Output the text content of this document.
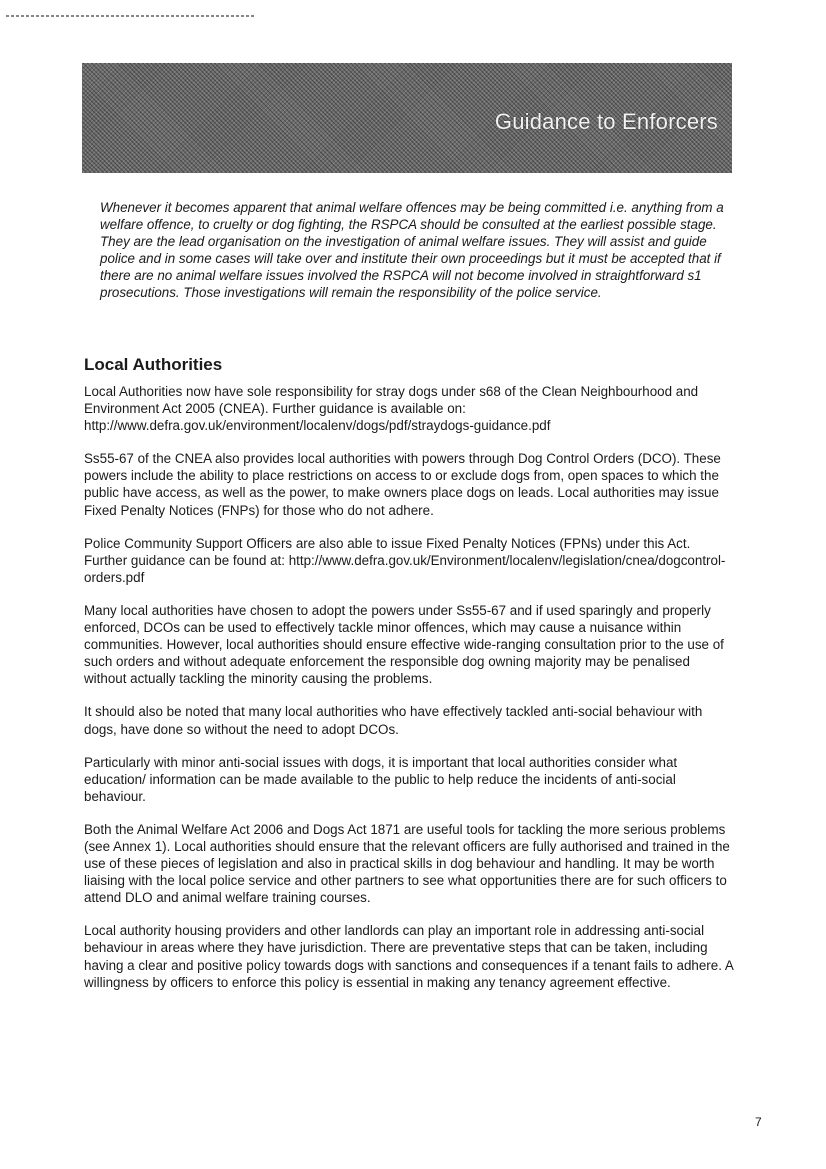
Guidance to Enforcers

Whenever it becomes apparent that animal welfare offences may be being committed i.e. anything from a welfare offence, to cruelty or dog fighting, the RSPCA should be consulted at the earliest possible stage. They are the lead organisation on the investigation of animal welfare issues. They will assist and guide police and in some cases will take over and institute their own proceedings but it must be accepted that if there are no animal welfare issues involved the RSPCA will not become involved in straightforward s1 prosecutions. Those investigations will remain the responsibility of the police service.

Local Authorities

Local Authorities now have sole responsibility for stray dogs under s68 of the Clean Neighbourhood and Environment Act 2005 (CNEA). Further guidance is available on: http://www.defra.gov.uk/environment/localenv/dogs/pdf/straydogs-guidance.pdf

Ss55-67 of the CNEA also provides local authorities with powers through Dog Control Orders (DCO). These powers include the ability to place restrictions on access to or exclude dogs from, open spaces to which the public have access, as well as the power, to make owners place dogs on leads. Local authorities may issue Fixed Penalty Notices (FNPs) for those who do not adhere.

Police Community Support Officers are also able to issue Fixed Penalty Notices (FPNs) under this Act. Further guidance can be found at: http://www.defra.gov.uk/Environment/localenv/legislation/cnea/dogcontrol-orders.pdf

Many local authorities have chosen to adopt the powers under Ss55-67 and if used sparingly and properly enforced, DCOs can be used to effectively tackle minor offences, which may cause a nuisance within communities. However, local authorities should ensure effective wide-ranging consultation prior to the use of such orders and without adequate enforcement the responsible dog owning majority may be penalised without actually tackling the minority causing the problems.

It should also be noted that many local authorities who have effectively tackled anti-social behaviour with dogs, have done so without the need to adopt DCOs.

Particularly with minor anti-social issues with dogs, it is important that local authorities consider what education/ information can be made available to the public to help reduce the incidents of anti-social behaviour.

Both the Animal Welfare Act 2006 and Dogs Act 1871 are useful tools for tackling the more serious problems (see Annex 1). Local authorities should ensure that the relevant officers are fully authorised and trained in the use of these pieces of legislation and also in practical skills in dog behaviour and handling. It may be worth liaising with the local police service and other partners to see what opportunities there are for such officers to attend DLO and animal welfare training courses.

Local authority housing providers and other landlords can play an important role in addressing anti-social behaviour in areas where they have jurisdiction. There are preventative steps that can be taken, including having a clear and positive policy towards dogs with sanctions and consequences if a tenant fails to adhere. A willingness by officers to enforce this policy is essential in making any tenancy agreement effective.

7
